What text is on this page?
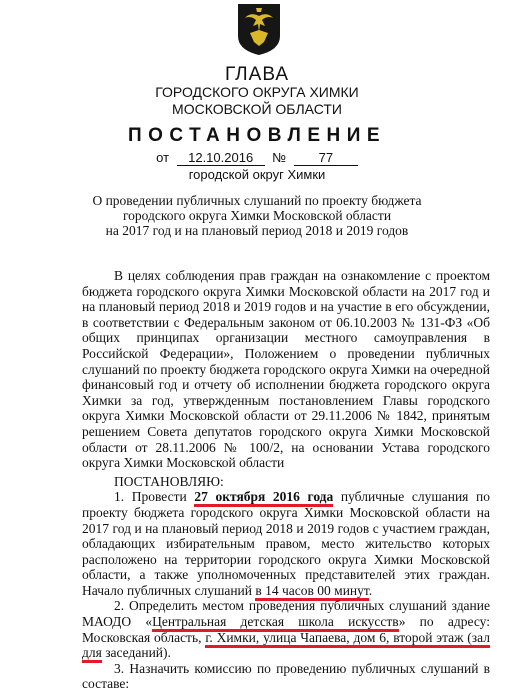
ГЛАВА
ГОРОДСКОГО ОКРУГА ХИМКИ
МОСКОВСКОЙ ОБЛАСТИ
ПОСТАНОВЛЕНИЕ
от 12.10.2016 № 77
городской округ Химки
О проведении публичных слушаний по проекту бюджета
городского округа Химки Московской области
на 2017 год и на плановый период 2018 и 2019 годов

В целях соблюдения прав граждан на ознакомление с проектом бюджета городского округа Химки Московской области на 2017 год и на плановый период 2018 и 2019 годов и на участие в его обсуждении, в соответствии с Федеральным законом от 06.10.2003 № 131-ФЗ «Об общих принципах организации местного самоуправления в Российской Федерации», Положением о проведении публичных слушаний по проекту бюджета городского округа Химки на очередной финансовый год и отчету об исполнении бюджета городского округа Химки за год, утвержденным постановлением Главы городского округа Химки Московской области от 29.11.2006 № 1842, принятым решением Совета депутатов городского округа Химки Московской области от 28.11.2006 № 100/2, на основании Устава городского округа Химки Московской области

ПОСТАНОВЛЯЮ:

1. Провести 27 октября 2016 года публичные слушания по проекту бюджета городского округа Химки Московской области на 2017 год и на плановый период 2018 и 2019 годов с участием граждан, обладающих избирательным правом, место жительство которых расположено на территории городского округа Химки Московской области, а также уполномоченных представителей этих граждан. Начало публичных слушаний в 14 часов 00 минут.

2. Определить местом проведения публичных слушаний здание МАОДО «Центральная детская школа искусств» по адресу: Московская область, г. Химки, улица Чапаева, дом 6, второй этаж (зал для заседаний).

3. Назначить комиссию по проведению публичных слушаний в составе:
